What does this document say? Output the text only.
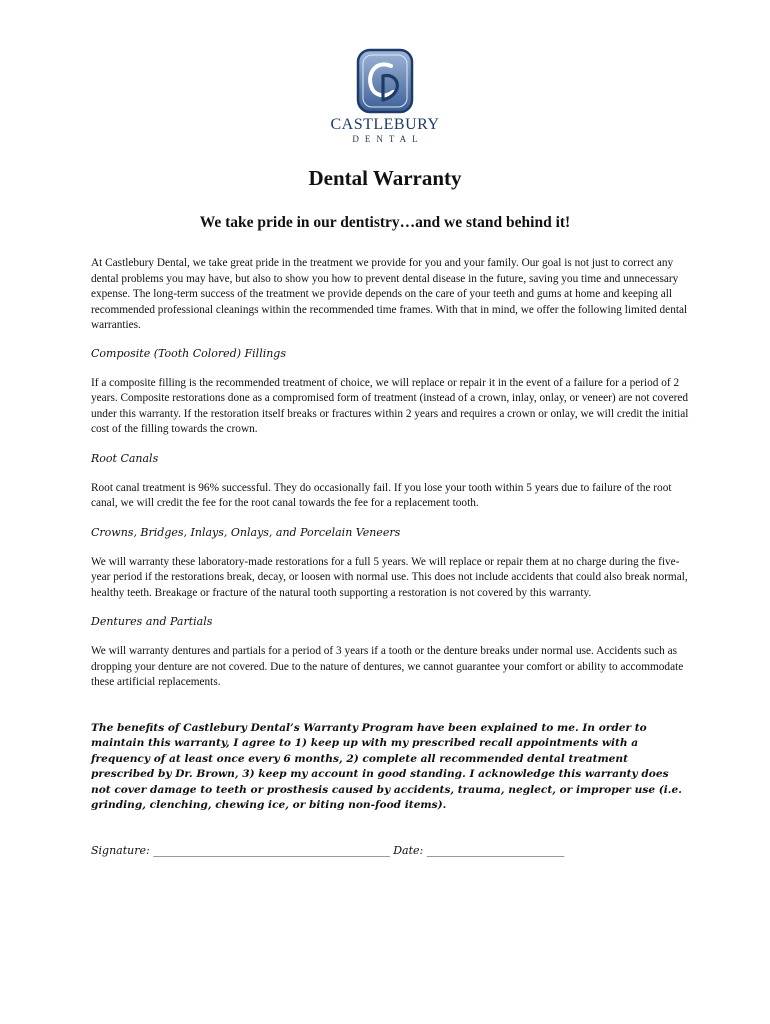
CASTLEBURY
DENTAL
Dental Warranty
We take pride in our dentistry…and we stand behind it!

At Castlebury Dental, we take great pride in the treatment we provide for you and your family. Our goal is not just to correct any dental problems you may have, but also to show you how to prevent dental disease in the future, saving you time and unnecessary expense. The long-term success of the treatment we provide depends on the care of your teeth and gums at home and keeping all recommended professional cleanings within the recommended time frames. With that in mind, we offer the following limited dental warranties.

Composite (Tooth Colored) Fillings

If a composite filling is the recommended treatment of choice, we will replace or repair it in the event of a failure for a period of 2 years. Composite restorations done as a compromised form of treatment (instead of a crown, inlay, onlay, or veneer) are not covered under this warranty. If the restoration itself breaks or fractures within 2 years and requires a crown or onlay, we will credit the initial cost of the filling towards the crown.

Root Canals

Root canal treatment is 96% successful. They do occasionally fail. If you lose your tooth within 5 years due to failure of the root canal, we will credit the fee for the root canal towards the fee for a replacement tooth.

Crowns, Bridges, Inlays, Onlays, and Porcelain Veneers

We will warranty these laboratory-made restorations for a full 5 years. We will replace or repair them at no charge during the five-year period if the restorations break, decay, or loosen with normal use. This does not include accidents that could also break normal, healthy teeth. Breakage or fracture of the natural tooth supporting a restoration is not covered by this warranty.

Dentures and Partials

We will warranty dentures and partials for a period of 3 years if a tooth or the denture breaks under normal use. Accidents such as dropping your denture are not covered. Due to the nature of dentures, we cannot guarantee your comfort or ability to accommodate these artificial replacements.

The benefits of Castlebury Dental’s Warranty Program have been explained to me. In order to maintain this warranty, I agree to 1) keep up with my prescribed recall appointments with a frequency of at least once every 6 months, 2) complete all recommended dental treatment prescribed by Dr. Brown, 3) keep my account in good standing. I acknowledge this warranty does not cover damage to teeth or prosthesis caused by accidents, trauma, neglect, or improper use (i.e. grinding, clenching, chewing ice, or biting non-food items).

Signature: ___________________________________________ Date: _________________________
